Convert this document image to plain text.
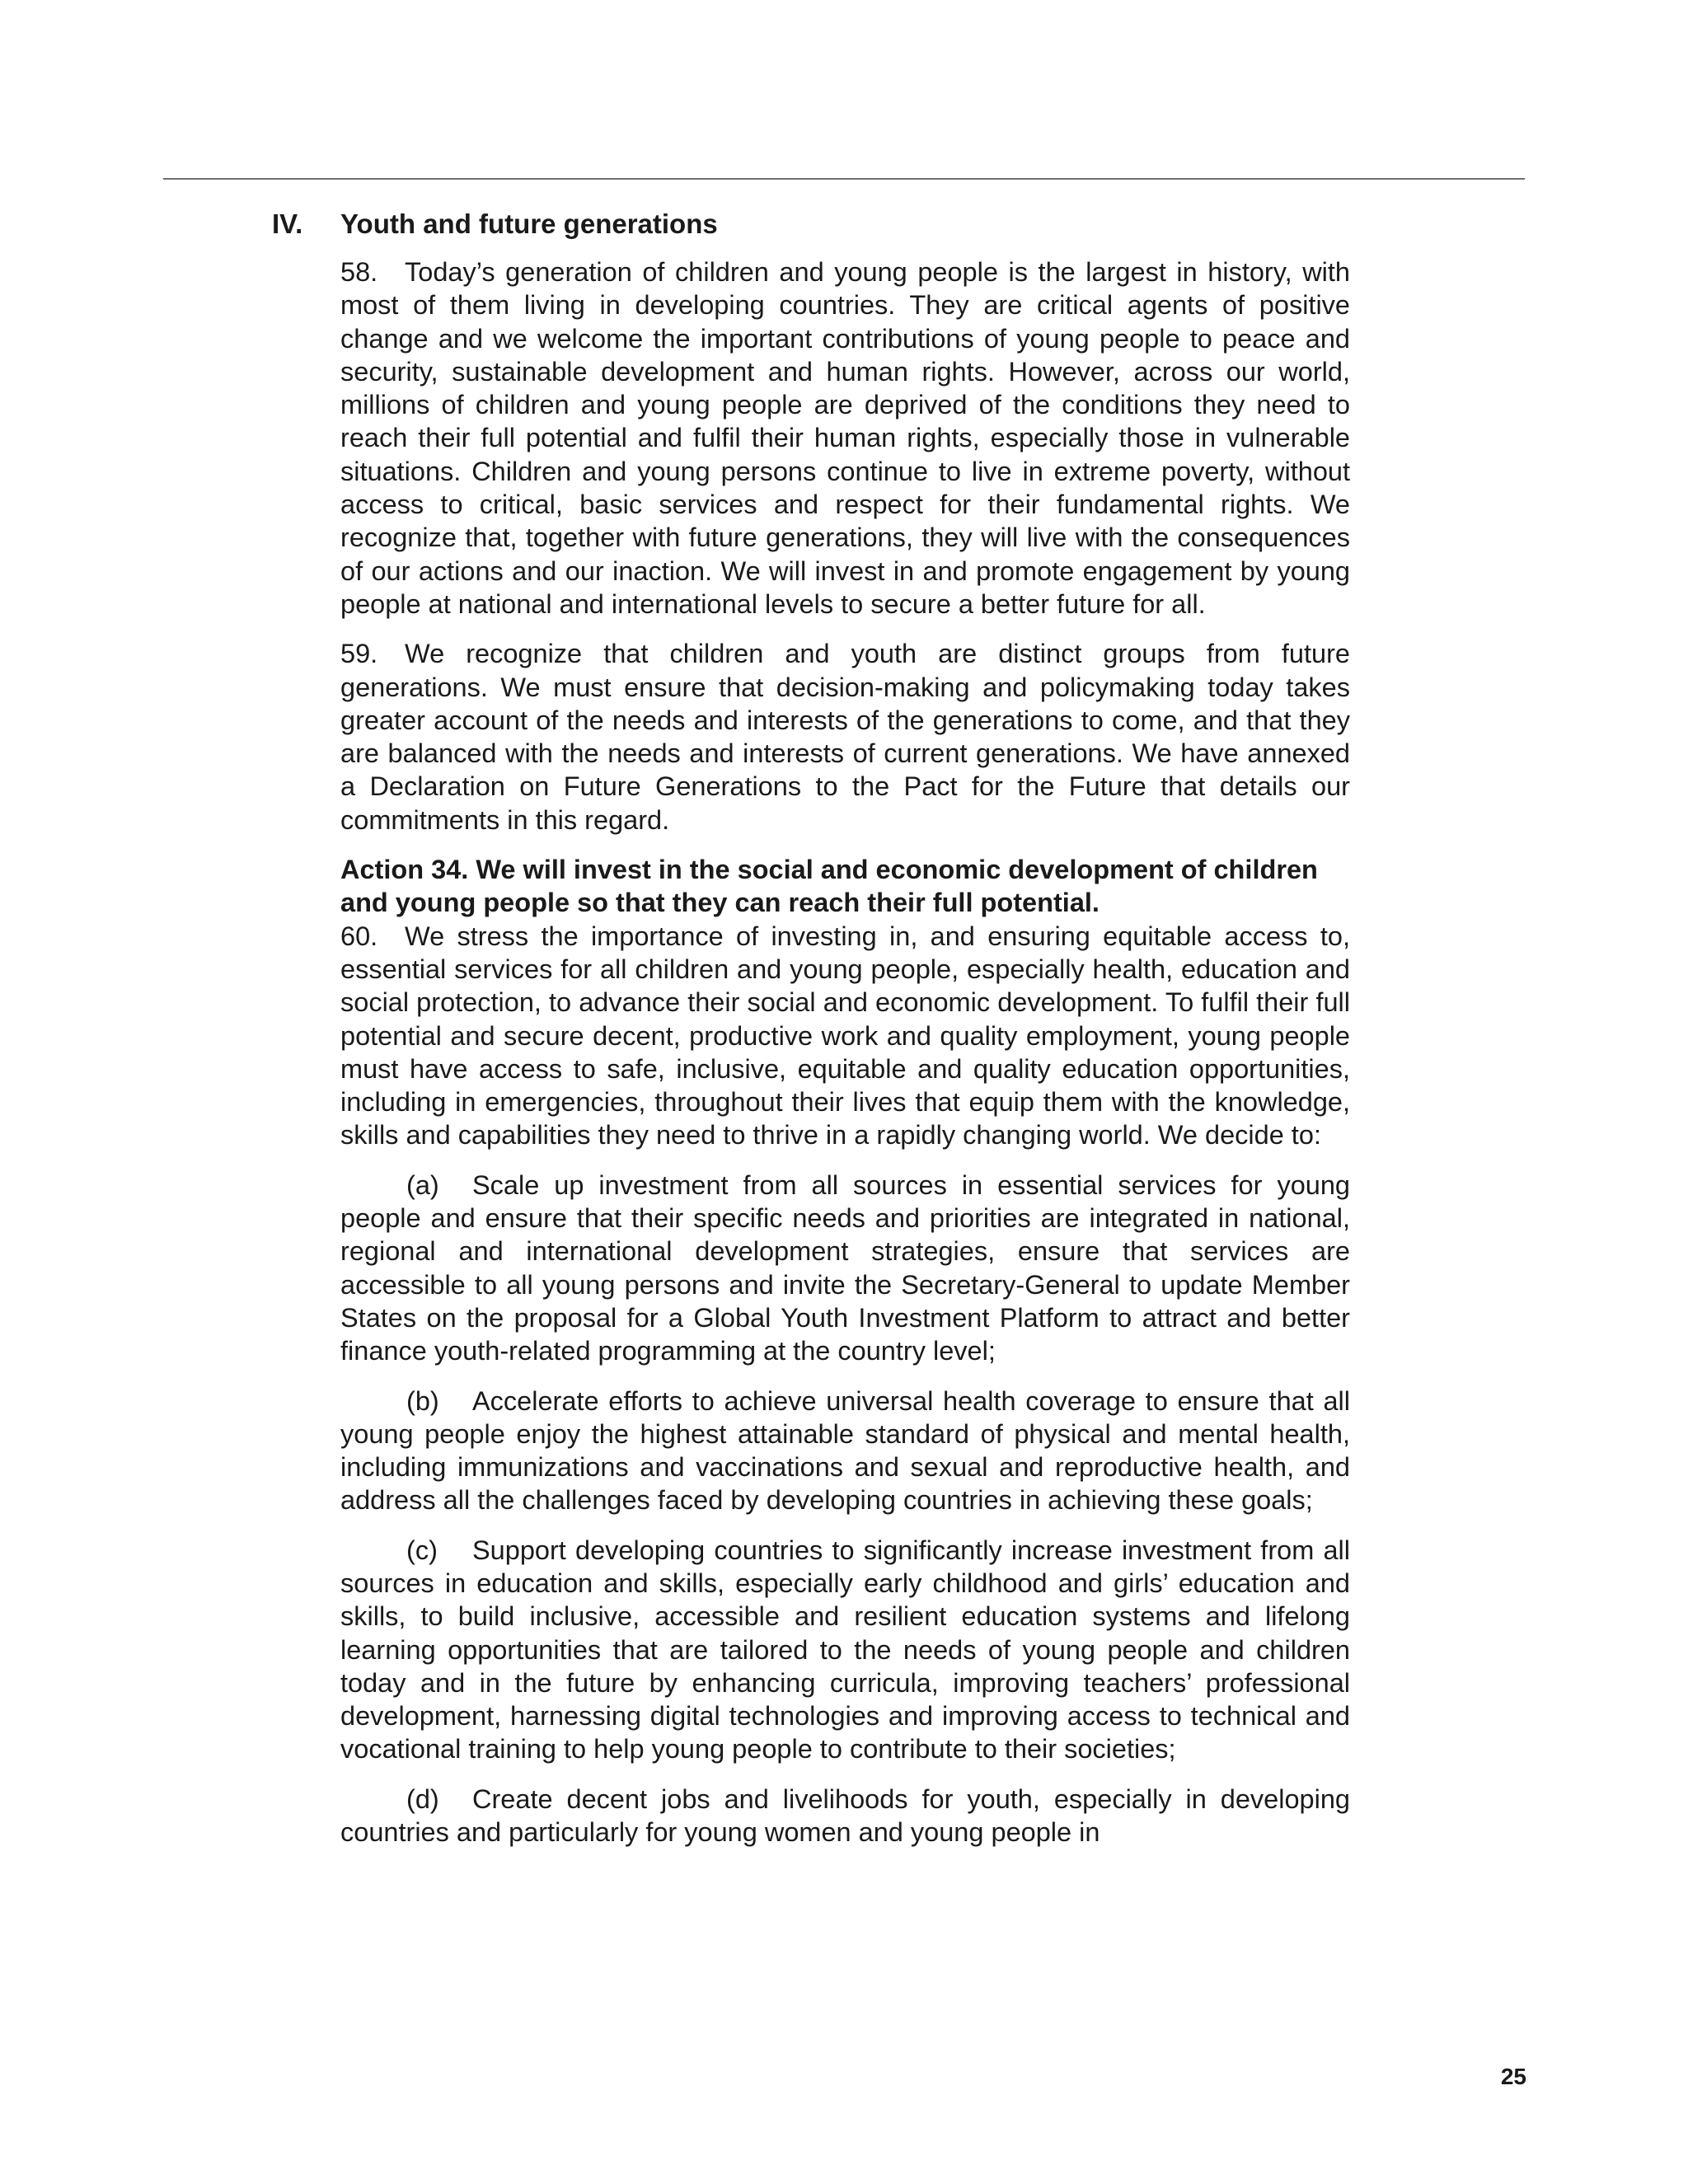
IV. Youth and future generations

58. Today’s generation of children and young people is the largest in history, with most of them living in developing countries. They are critical agents of positive change and we welcome the important contributions of young people to peace and security, sustainable development and human rights. However, across our world, millions of children and young people are deprived of the conditions they need to reach their full potential and fulfil their human rights, especially those in vulnerable situations. Children and young persons continue to live in extreme poverty, without access to critical, basic services and respect for their fundamental rights. We recognize that, together with future generations, they will live with the consequences of our actions and our inaction. We will invest in and promote engagement by young people at national and international levels to secure a better future for all.

59. We recognize that children and youth are distinct groups from future generations. We must ensure that decision-making and policymaking today takes greater account of the needs and interests of the generations to come, and that they are balanced with the needs and interests of current generations. We have annexed a Declaration on Future Generations to the Pact for the Future that details our commitments in this regard.

Action 34. We will invest in the social and economic development of children and young people so that they can reach their full potential.

60. We stress the importance of investing in, and ensuring equitable access to, essential services for all children and young people, especially health, education and social protection, to advance their social and economic development. To fulfil their full potential and secure decent, productive work and quality employment, young people must have access to safe, inclusive, equitable and quality education opportunities, including in emergencies, throughout their lives that equip them with the knowledge, skills and capabilities they need to thrive in a rapidly changing world. We decide to:

(a) Scale up investment from all sources in essential services for young people and ensure that their specific needs and priorities are integrated in national, regional and international development strategies, ensure that services are accessible to all young persons and invite the Secretary-General to update Member States on the proposal for a Global Youth Investment Platform to attract and better finance youth-related programming at the country level;

(b) Accelerate efforts to achieve universal health coverage to ensure that all young people enjoy the highest attainable standard of physical and mental health, including immunizations and vaccinations and sexual and reproductive health, and address all the challenges faced by developing countries in achieving these goals;

(c) Support developing countries to significantly increase investment from all sources in education and skills, especially early childhood and girls’ education and skills, to build inclusive, accessible and resilient education systems and lifelong learning opportunities that are tailored to the needs of young people and children today and in the future by enhancing curricula, improving teachers’ professional development, harnessing digital technologies and improving access to technical and vocational training to help young people to contribute to their societies;

(d) Create decent jobs and livelihoods for youth, especially in developing countries and particularly for young women and young people in

25
